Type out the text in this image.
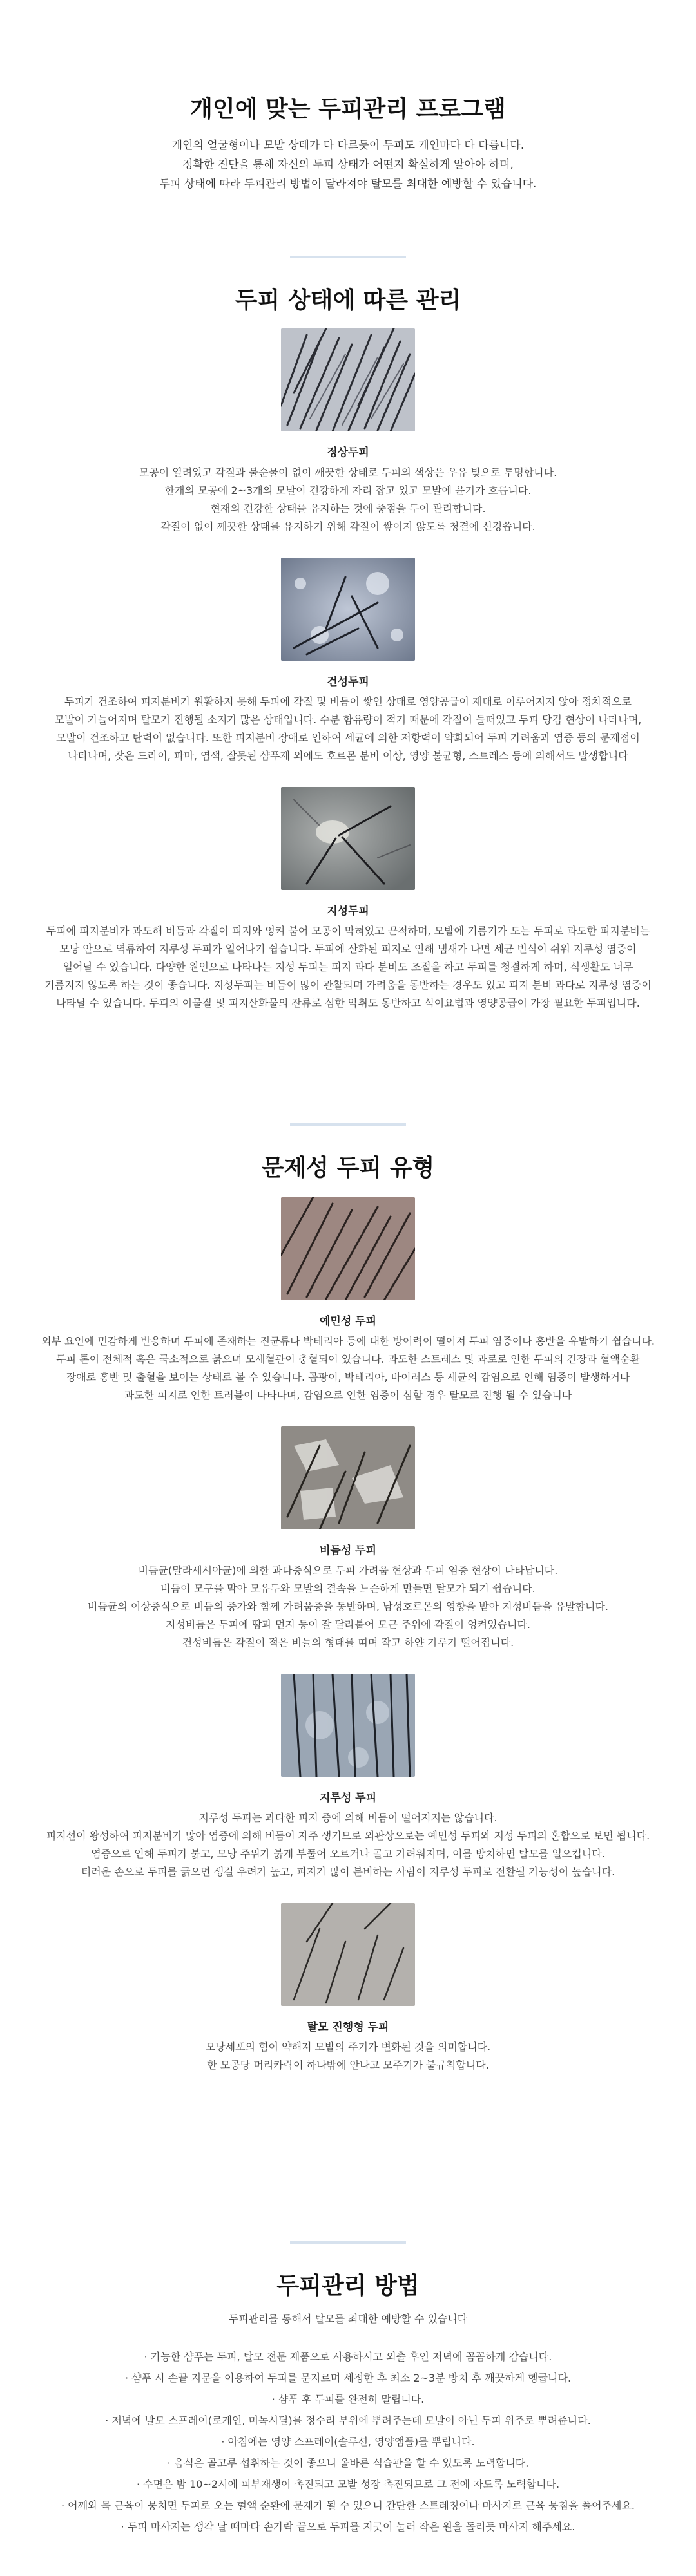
개인에 맞는 두피관리 프로그램

개인의 얼굴형이나 모발 상태가 다 다르듯이 두피도 개인마다 다 다릅니다.

정확한 진단을 통해 자신의 두피 상태가 어떤지 확실하게 알아야 하며,

두피 상태에 따라 두피관리 방법이 달라져야 탈모를 최대한 예방할 수 있습니다.

두피 상태에 따른 관리
정상두피

모공이 열려있고 각질과 불순물이 없이 깨끗한 상태로 두피의 색상은 우유 빛으로 투명합니다.

한개의 모공에 2~3개의 모발이 건강하게 자리 잡고 있고 모발에 윤기가 흐릅니다.

현재의 건강한 상태를 유지하는 것에 중점을 두어 관리합니다.

각질이 없이 깨끗한 상태를 유지하기 위해 각질이 쌓이지 않도록 청결에 신경씁니다.

건성두피

두피가 건조하여 피지분비가 원활하지 못해 두피에 각질 및 비듬이 쌓인 상태로 영양공급이 제대로 이루어지지 않아 정차적으로

모발이 가늘어지며 탈모가 진행될 소지가 많은 상태입니다. 수분 함유량이 적기 때문에 각질이 들떠있고 두피 당김 현상이 나타나며,

모발이 건조하고 탄력이 없습니다. 또한 피지분비 장애로 인하여 세균에 의한 저항력이 약화되어 두피 가려움과 염증 등의 문제점이

나타나며, 잦은 드라이, 파마, 염색, 잘못된 샴푸제 외에도 호르몬 분비 이상, 영양 불균형, 스트레스 등에 의해서도 발생합니다

지성두피

두피에 피지분비가 과도해 비듬과 각질이 피지와 엉켜 붙어 모공이 막혀있고 끈적하며, 모발에 기름기가 도는 두피로 과도한 피지분비는

모낭 안으로 역류하여 지루성 두피가 일어나기 쉽습니다. 두피에 산화된 피지로 인해 냄새가 나면 세균 번식이 쉬워 지루성 염증이

일어날 수 있습니다. 다양한 원인으로 나타나는 지성 두피는 피지 과다 분비도 조절을 하고 두피를 청결하게 하며, 식생활도 너무

기름지지 않도록 하는 것이 좋습니다. 지성두피는 비듬이 많이 관찰되며 가려움을 동반하는 경우도 있고 피지 분비 과다로 지루성 염증이

나타날 수 있습니다. 두피의 이물질 및 피지산화물의 잔류로 심한 악취도 동반하고 식이요법과 영양공급이 가장 필요한 두피입니다.

문제성 두피 유형
예민성 두피

외부 요인에 민감하게 반응하며 두피에 존재하는 진균류나 박테리아 등에 대한 방어력이 떨어져 두피 염증이나 홍반을 유발하기 쉽습니다.

두피 톤이 전체적 혹은 국소적으로 붉으며 모세혈관이 충혈되어 있습니다. 과도한 스트레스 및 과로로 인한 두피의 긴장과 혈액순환

장애로 홍반 및 출혈을 보이는 상태로 볼 수 있습니다. 곰팡이, 박테리아, 바이러스 등 세균의 감염으로 인해 염증이 발생하거나

과도한 피지로 인한 트러블이 나타나며, 감염으로 인한 염증이 심할 경우 탈모로 진행 될 수 있습니다

비듬성 두피

비듬균(말라세시아균)에 의한 과다증식으로 두피 가려움 현상과 두피 염증 현상이 나타납니다.

비듬이 모구를 막아 모유두와 모발의 결속을 느슨하게 만들면 탈모가 되기 쉽습니다.

비듬균의 이상증식으로 비듬의 증가와 함께 가려움증을 동반하며, 남성호르몬의 영향을 받아 지성비듬을 유발합니다.

지성비듬은 두피에 땀과 먼지 등이 잘 달라붙어 모근 주위에 각질이 엉켜있습니다.

건성비듬은 각질이 적은 비늘의 형태를 띠며 작고 하얀 가루가 떨어집니다.

지루성 두피

지루성 두피는 과다한 피지 증에 의해 비듬이 떨어지지는 않습니다.

피지선이 왕성하여 피지분비가 많아 염증에 의해 비듬이 자주 생기므로 외관상으로는 예민성 두피와 지성 두피의 혼합으로 보면 됩니다.

염증으로 인해 두피가 붉고, 모낭 주위가 붉게 부풀어 오르거나 골고 가려워지며, 이를 방치하면 탈모를 일으킵니다.

티러운 손으로 두피를 긁으면 생길 우려가 높고, 피지가 많이 분비하는 사람이 지루성 두피로 전환될 가능성이 높습니다.

탈모 진행형 두피

모낭세포의 힘이 약해져 모발의 주기가 변화된 것을 의미합니다.

한 모공당 머리카락이 하나밖에 안나고 모주기가 불규칙합니다.

두피관리 방법

두피관리를 통해서 탈모를 최대한 예방할 수 있습니다

· 가능한 샴푸는 두피, 탈모 전문 제품으로 사용하시고 외출 후인 저녁에 꼼꼼하게 감습니다.
· 샴푸 시 손끝 지문을 이용하여 두피를 문지르며 세정한 후 최소 2~3분 방치 후 깨끗하게 헹굽니다.
· 샴푸 후 두피를 완전히 말립니다.
· 저녁에 발모 스프레이(로게인, 미녹시딜)를 정수리 부위에 뿌려주는데 모발이 아닌 두피 위주로 뿌려줍니다.
· 아침에는 영양 스프레이(솔루션, 영양앰플)를 뿌립니다.
· 음식은 골고루 섭취하는 것이 좋으니 올바른 식습관을 할 수 있도록 노력합니다.
· 수면은 밤 10~2시에 피부재생이 촉진되고 모발 성장 촉진되므로 그 전에 자도록 노력합니다.
· 어깨와 목 근육이 뭉치면 두피로 오는 혈액 순환에 문제가 될 수 있으니 간단한 스트레칭이나 마사지로 근육 뭉침을 풀어주세요.
· 두피 마사지는 생각 날 때마다 손가락 끝으로 두피를 지긋이 눌러 작은 원을 돌리듯 마사지 해주세요.
